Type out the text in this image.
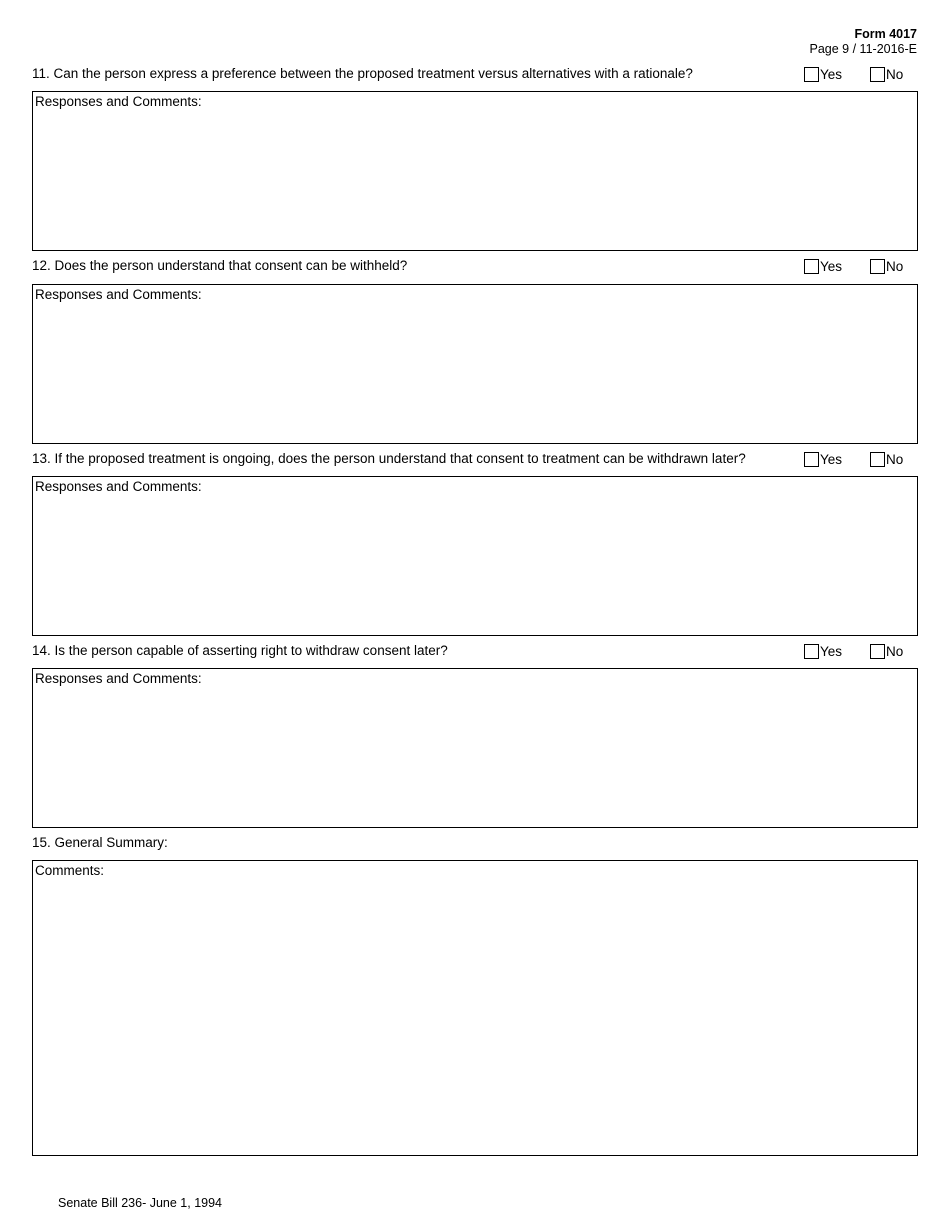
Form 4017
Page 9 / 11-2016-E
11. Can the person express a preference between the proposed treatment versus alternatives with a rationale?	Yes	No
Responses and Comments:
12. Does the person understand that consent can be withheld?	Yes	No
Responses and Comments:
13. If the proposed treatment is ongoing, does the person understand that consent to treatment can be withdrawn later?	Yes	No
Responses and Comments:
14. Is the person capable of asserting right to withdraw consent later?	Yes	No
Responses and Comments:
15. General Summary:
Comments:
Senate Bill 236- June 1, 1994
